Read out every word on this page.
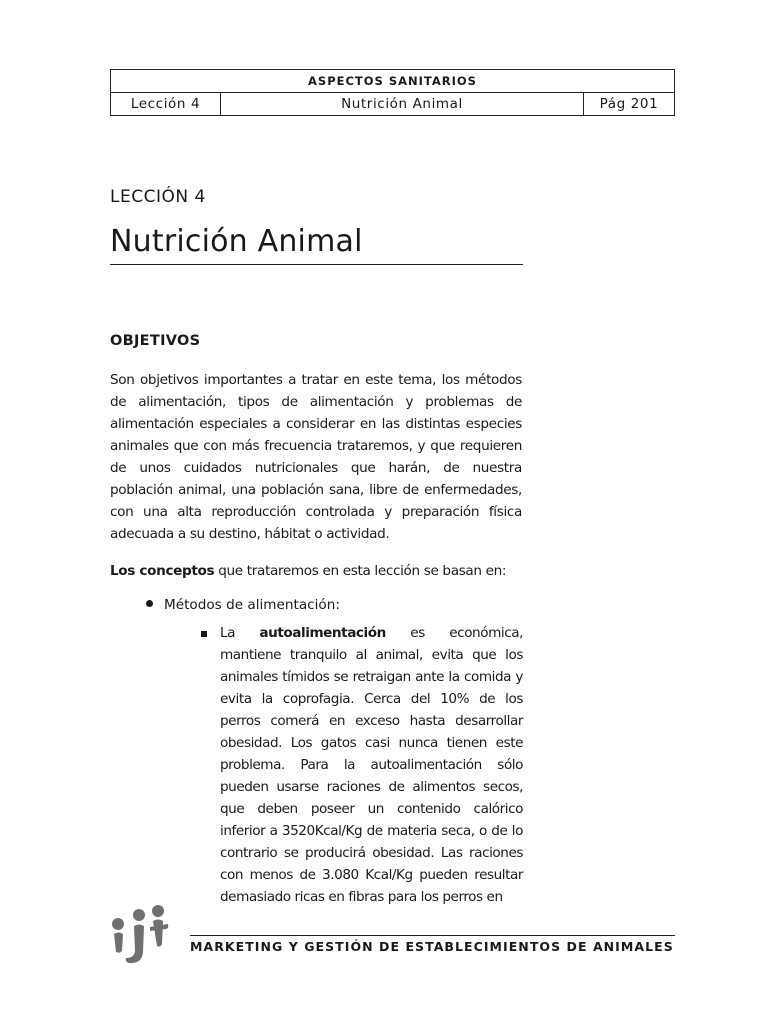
ASPECTOS SANITARIOS
Lección 4	Nutrición Animal	Pág 201
LECCIÓN 4
Nutrición Animal
OBJETIVOS
Son objetivos importantes a tratar en este tema, los métodos de alimentación, tipos de alimentación y problemas de alimentación especiales a considerar en las distintas especies animales que con más frecuencia trataremos, y que requieren de unos cuidados nutricionales que harán, de nuestra población animal, una población sana, libre de enfermedades, con una alta reproducción controlada y preparación física adecuada a su destino, hábitat o actividad.
Los conceptos que trataremos en esta lección se basan en:
Métodos de alimentación:
La autoalimentación es económica, mantiene tranquilo al animal, evita que los animales tímidos se retraigan ante la comida y evita la coprofagia. Cerca del 10% de los perros comerá en exceso hasta desarrollar obesidad. Los gatos casi nunca tienen este problema. Para la autoalimentación sólo pueden usarse raciones de alimentos secos, que deben poseer un contenido calórico inferior a 3520Kcal/Kg de materia seca, o de lo contrario se producirá obesidad. Las raciones con menos de 3.080 Kcal/Kg pueden resultar demasiado ricas en fibras para los perros en
MARKETING Y GESTIÓN DE ESTABLECIMIENTOS DE ANIMALES
